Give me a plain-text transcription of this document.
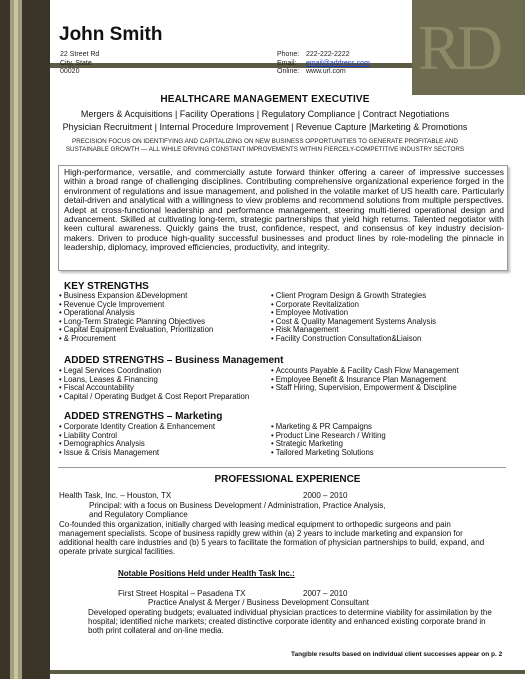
RD
John Smith
22 Street Rd
City, State
00020
Phone: 222-222-2222
Email: email@address.com
Online: www.url.com
HEALTHCARE MANAGEMENT EXECUTIVE
Mergers & Acquisitions | Facility Operations | Regulatory Compliance | Contract Negotiations
Physician Recruitment | Internal Procedure Improvement | Revenue Capture |Marketing & Promotions
PRECISION FOCUS ON IDENTIFYING AND CAPITALIZING ON NEW BUSINESS OPPORTUNITIES TO GENERATE PROFITABLE AND SUSTAINABLE GROWTH — ALL WHILE DRIVING CONSTANT IMPROVEMENTS WITHIN FIERCELY-COMPETITIVE INDUSTRY SECTORS
High-performance, versatile, and commercially astute forward thinker offering a career of impressive successes within a broad range of challenging disciplines. Contributing comprehensive organizational experience forged in the environment of regulations and issue management, and polished in the volatile market of US health care. Particularly detail-driven and analytical with a willingness to view problems and recommend solutions from multiple perspectives. Adept at cross-functional leadership and performance management, steering multi-tiered operational design and advancement. Skilled at cultivating long-term, strategic partnerships that yield high returns. Talented negotiator with keen cultural awareness. Quickly gains the trust, confidence, respect, and consensus of key industry decision-makers. Driven to produce high-quality successful businesses and product lines by role-modeling the pinnacle in leadership, diplomacy, improved efficiencies, productivity, and integrity.
KEY STRENGTHS
• Business Expansion &Development
• Revenue Cycle Improvement
• Operational Analysis
• Long-Term Strategic Planning Objectives
• Capital Equipment Evaluation, Prioritization
• & Procurement
• Client Program Design & Growth Strategies
• Corporate Revitalization
• Employee Motivation
• Cost & Quality Management Systems Analysis
• Risk Management
• Facility Construction Consultation&Liaison
ADDED STRENGTHS – Business Management
• Legal Services Coordination
• Loans, Leases & Financing
• Fiscal Accountability
• Capital / Operating Budget & Cost Report Preparation
• Accounts Payable & Facility Cash Flow Management
• Employee Benefit & Insurance Plan Management
• Staff Hiring, Supervision, Empowerment & Discipline
ADDED STRENGTHS – Marketing
• Corporate Identity Creation & Enhancement
• Liability Control
• Demographics Analysis
• Issue & Crisis Management
• Marketing & PR Campaigns
• Product Line Research / Writing
• Strategic Marketing
• Tailored Marketing Solutions
PROFESSIONAL EXPERIENCE
Health Task, Inc. – Houston, TX	2000 – 2010
Principal: with a focus on Business Development / Administration, Practice Analysis,
and Regulatory Compliance
Co-founded this organization, initially charged with leasing medical equipment to orthopedic surgeons and pain management specialists. Scope of business rapidly grew within (a) 2 years to include marketing and expansion for additional health care industries and (b) 5 years to facilitate the formation of physician partnerships to build, expand, and operate private surgical facilities.
Notable Positions Held under Health Task Inc.:
First Street Hospital – Pasadena TX	2007 – 2010
Practice Analyst & Merger / Business Development Consultant
Developed operating budgets; evaluated individual physician practices to determine viability for assimilation by the hospital; identified niche markets; created distinctive corporate identity and enhanced existing corporate brand in both print collateral and on-line media.
Tangible results based on individual client successes appear on p. 2
